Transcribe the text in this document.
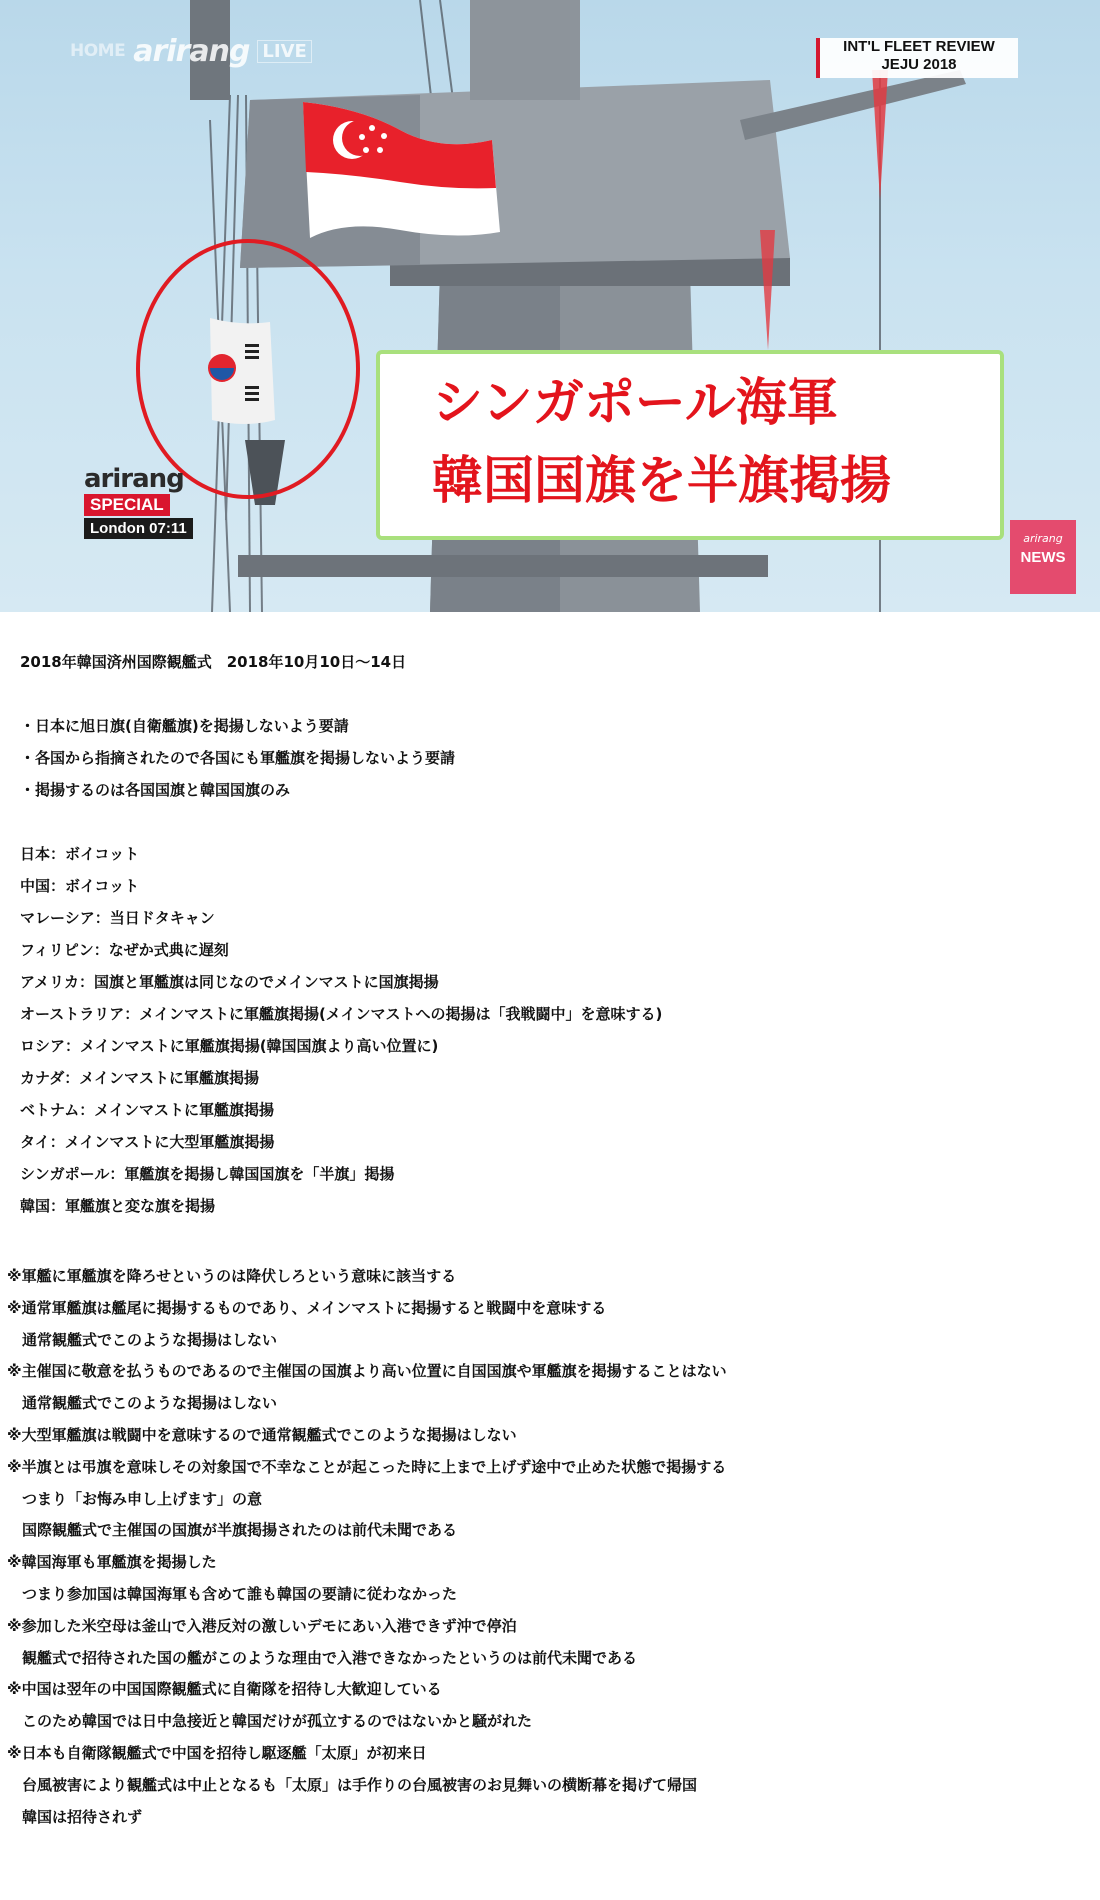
HOME arirang LIVE	INT'L FLEET REVIEW
JEJU 2018
シンガポール海軍
韓国国旗を半旗掲揚
arirang
SPECIAL
London 07:11
arirang
NEWS
2018年韓国済州国際観艦式　2018年10月10日～14日
・日本に旭日旗(自衛艦旗)を掲揚しないよう要請
・各国から指摘されたので各国にも軍艦旗を掲揚しないよう要請
・掲揚するのは各国国旗と韓国国旗のみ
日本：ボイコット
中国：ボイコット
マレーシア：当日ドタキャン
フィリピン：なぜか式典に遅刻
アメリカ：国旗と軍艦旗は同じなのでメインマストに国旗掲揚
オーストラリア：メインマストに軍艦旗掲揚(メインマストへの掲揚は「我戦闘中」を意味する)
ロシア：メインマストに軍艦旗掲揚(韓国国旗より高い位置に)
カナダ：メインマストに軍艦旗掲揚
ベトナム：メインマストに軍艦旗掲揚
タイ：メインマストに大型軍艦旗掲揚
シンガポール：軍艦旗を掲揚し韓国国旗を「半旗」掲揚
韓国：軍艦旗と変な旗を掲揚
※軍艦に軍艦旗を降ろせというのは降伏しろという意味に該当する
※通常軍艦旗は艦尾に掲揚するものであり、メインマストに掲揚すると戦闘中を意味する
　通常観艦式でこのような掲揚はしない
※主催国に敬意を払うものであるので主催国の国旗より高い位置に自国国旗や軍艦旗を掲揚することはない
　通常観艦式でこのような掲揚はしない
※大型軍艦旗は戦闘中を意味するので通常観艦式でこのような掲揚はしない
※半旗とは弔旗を意味しその対象国で不幸なことが起こった時に上まで上げず途中で止めた状態で掲揚する
　つまり「お悔み申し上げます」の意
　国際観艦式で主催国の国旗が半旗掲揚されたのは前代未聞である
※韓国海軍も軍艦旗を掲揚した
　つまり参加国は韓国海軍も含めて誰も韓国の要請に従わなかった
※参加した米空母は釜山で入港反対の激しいデモにあい入港できず沖で停泊
　観艦式で招待された国の艦がこのような理由で入港できなかったというのは前代未聞である
※中国は翌年の中国国際観艦式に自衛隊を招待し大歓迎している
　このため韓国では日中急接近と韓国だけが孤立するのではないかと騒がれた
※日本も自衛隊観艦式で中国を招待し駆逐艦「太原」が初来日
　台風被害により観艦式は中止となるも「太原」は手作りの台風被害のお見舞いの横断幕を掲げて帰国
　韓国は招待されず
